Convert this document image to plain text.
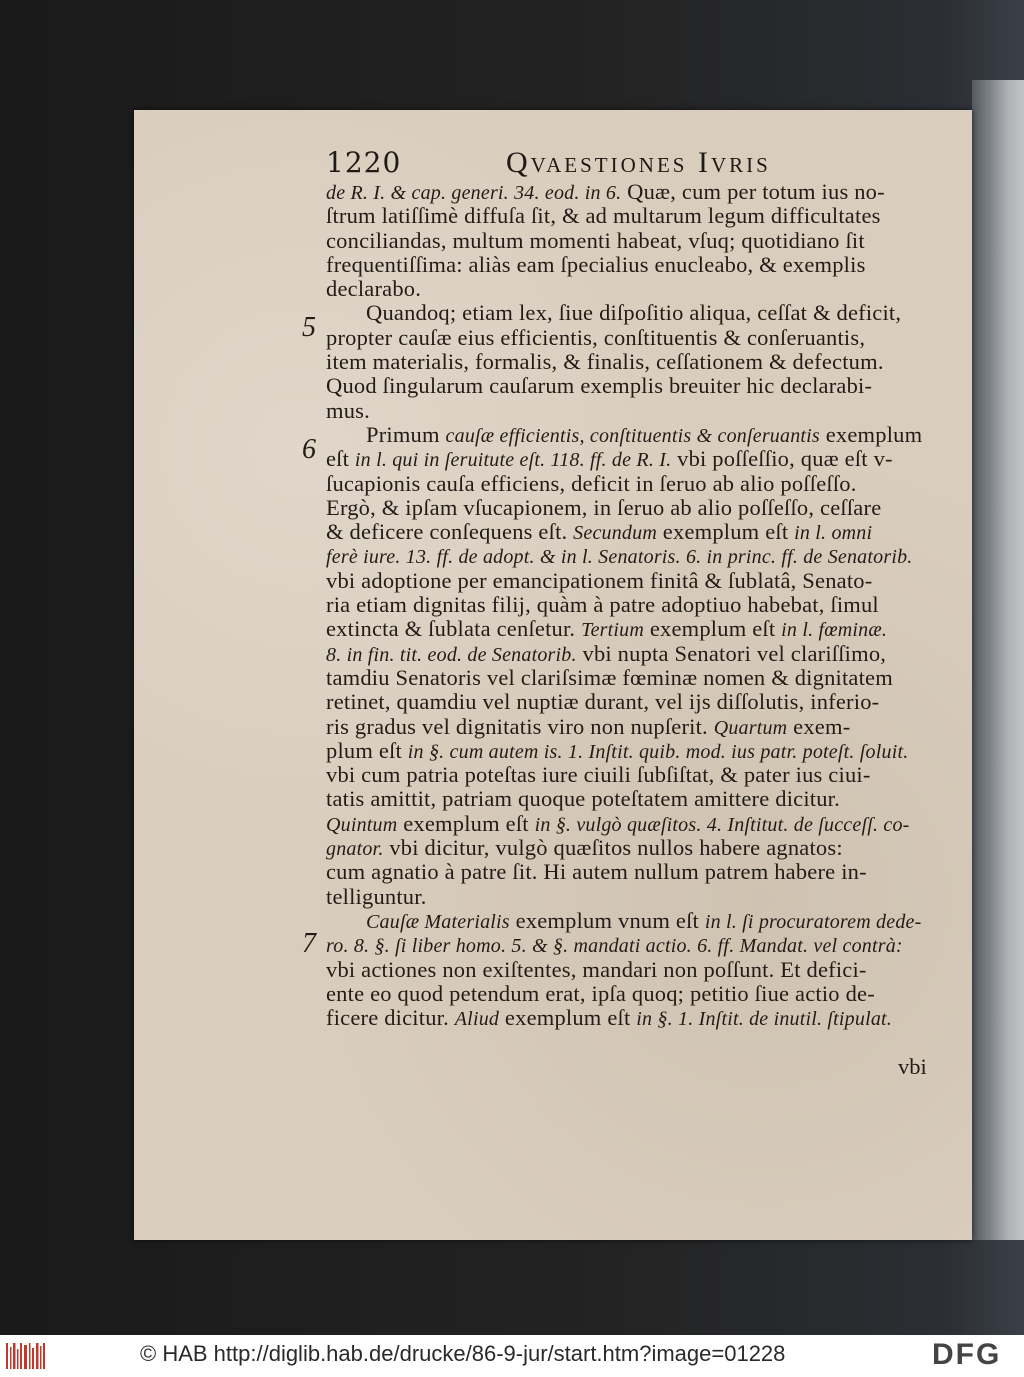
1220	Qvaestiones Ivris
de R. I. & cap. generi. 34. eod. in 6. Quæ, cum per totum ius no-
ſtrum latiſſimè diffuſa ſit, & ad multarum legum difficultates
conciliandas, multum momenti habeat, vſuq; quotidiano ſit
frequentiſſima: aliàs eam ſpecialius enucleabo, & exemplis
declarabo.
Quandoq; etiam lex, ſiue diſpoſitio aliqua, ceſſat & deficit,
propter cauſæ eius efficientis, conſtituentis & conſeruantis,
item materialis, formalis, & finalis, ceſſationem & defectum.
Quod ſingularum cauſarum exemplis breuiter hic declarabi-
mus.
Primum cauſæ efficientis, conſtituentis & conſeruantis exemplum
eſt in l. qui in ſeruitute eſt. 118. ff. de R. I. vbi poſſeſſio, quæ eſt v-
ſucapionis cauſa efficiens, deficit in ſeruo ab alio poſſeſſo.
Ergò, & ipſam vſucapionem, in ſeruo ab alio poſſeſſo, ceſſare
& deficere conſequens eſt. Secundum exemplum eſt in l. omni
ferè iure. 13. ff. de adopt. & in l. Senatoris. 6. in princ. ff. de Senatorib.
vbi adoptione per emancipationem finitâ & ſublatâ, Senato-
ria etiam dignitas filij, quàm à patre adoptiuo habebat, ſimul
extincta & ſublata cenſetur. Tertium exemplum eſt in l. fœminæ.
8. in fin. tit. eod. de Senatorib. vbi nupta Senatori vel clariſſimo,
tamdiu Senatoris vel clariſsimæ fœminæ nomen & dignitatem
retinet, quamdiu vel nuptiæ durant, vel ijs diſſolutis, inferio-
ris gradus vel dignitatis viro non nupſerit. Quartum exem-
plum eſt in §. cum autem is. 1. Inſtit. quib. mod. ius patr. poteſt. ſoluit.
vbi cum patria poteſtas iure ciuili ſubſiſtat, & pater ius ciui-
tatis amittit, patriam quoque poteſtatem amittere dicitur.
Quintum exemplum eſt in §. vulgò quæſitos. 4. Inſtitut. de ſucceſſ. co-
gnator. vbi dicitur, vulgò quæſitos nullos habere agnatos:
cum agnatio à patre ſit. Hi autem nullum patrem habere in-
telliguntur.
Cauſæ Materialis exemplum vnum eſt in l. ſi procuratorem dede-
ro. 8. §. ſi liber homo. 5. & §. mandati actio. 6. ff. Mandat. vel contrà:
vbi actiones non exiſtentes, mandari non poſſunt. Et defici-
ente eo quod petendum erat, ipſa quoq; petitio ſiue actio de-
ficere dicitur. Aliud exemplum eſt in §. 1. Inſtit. de inutil. ſtipulat.
5
6
7
vbi
© HAB http://diglib.hab.de/drucke/86-9-jur/start.htm?image=01228	DFG
